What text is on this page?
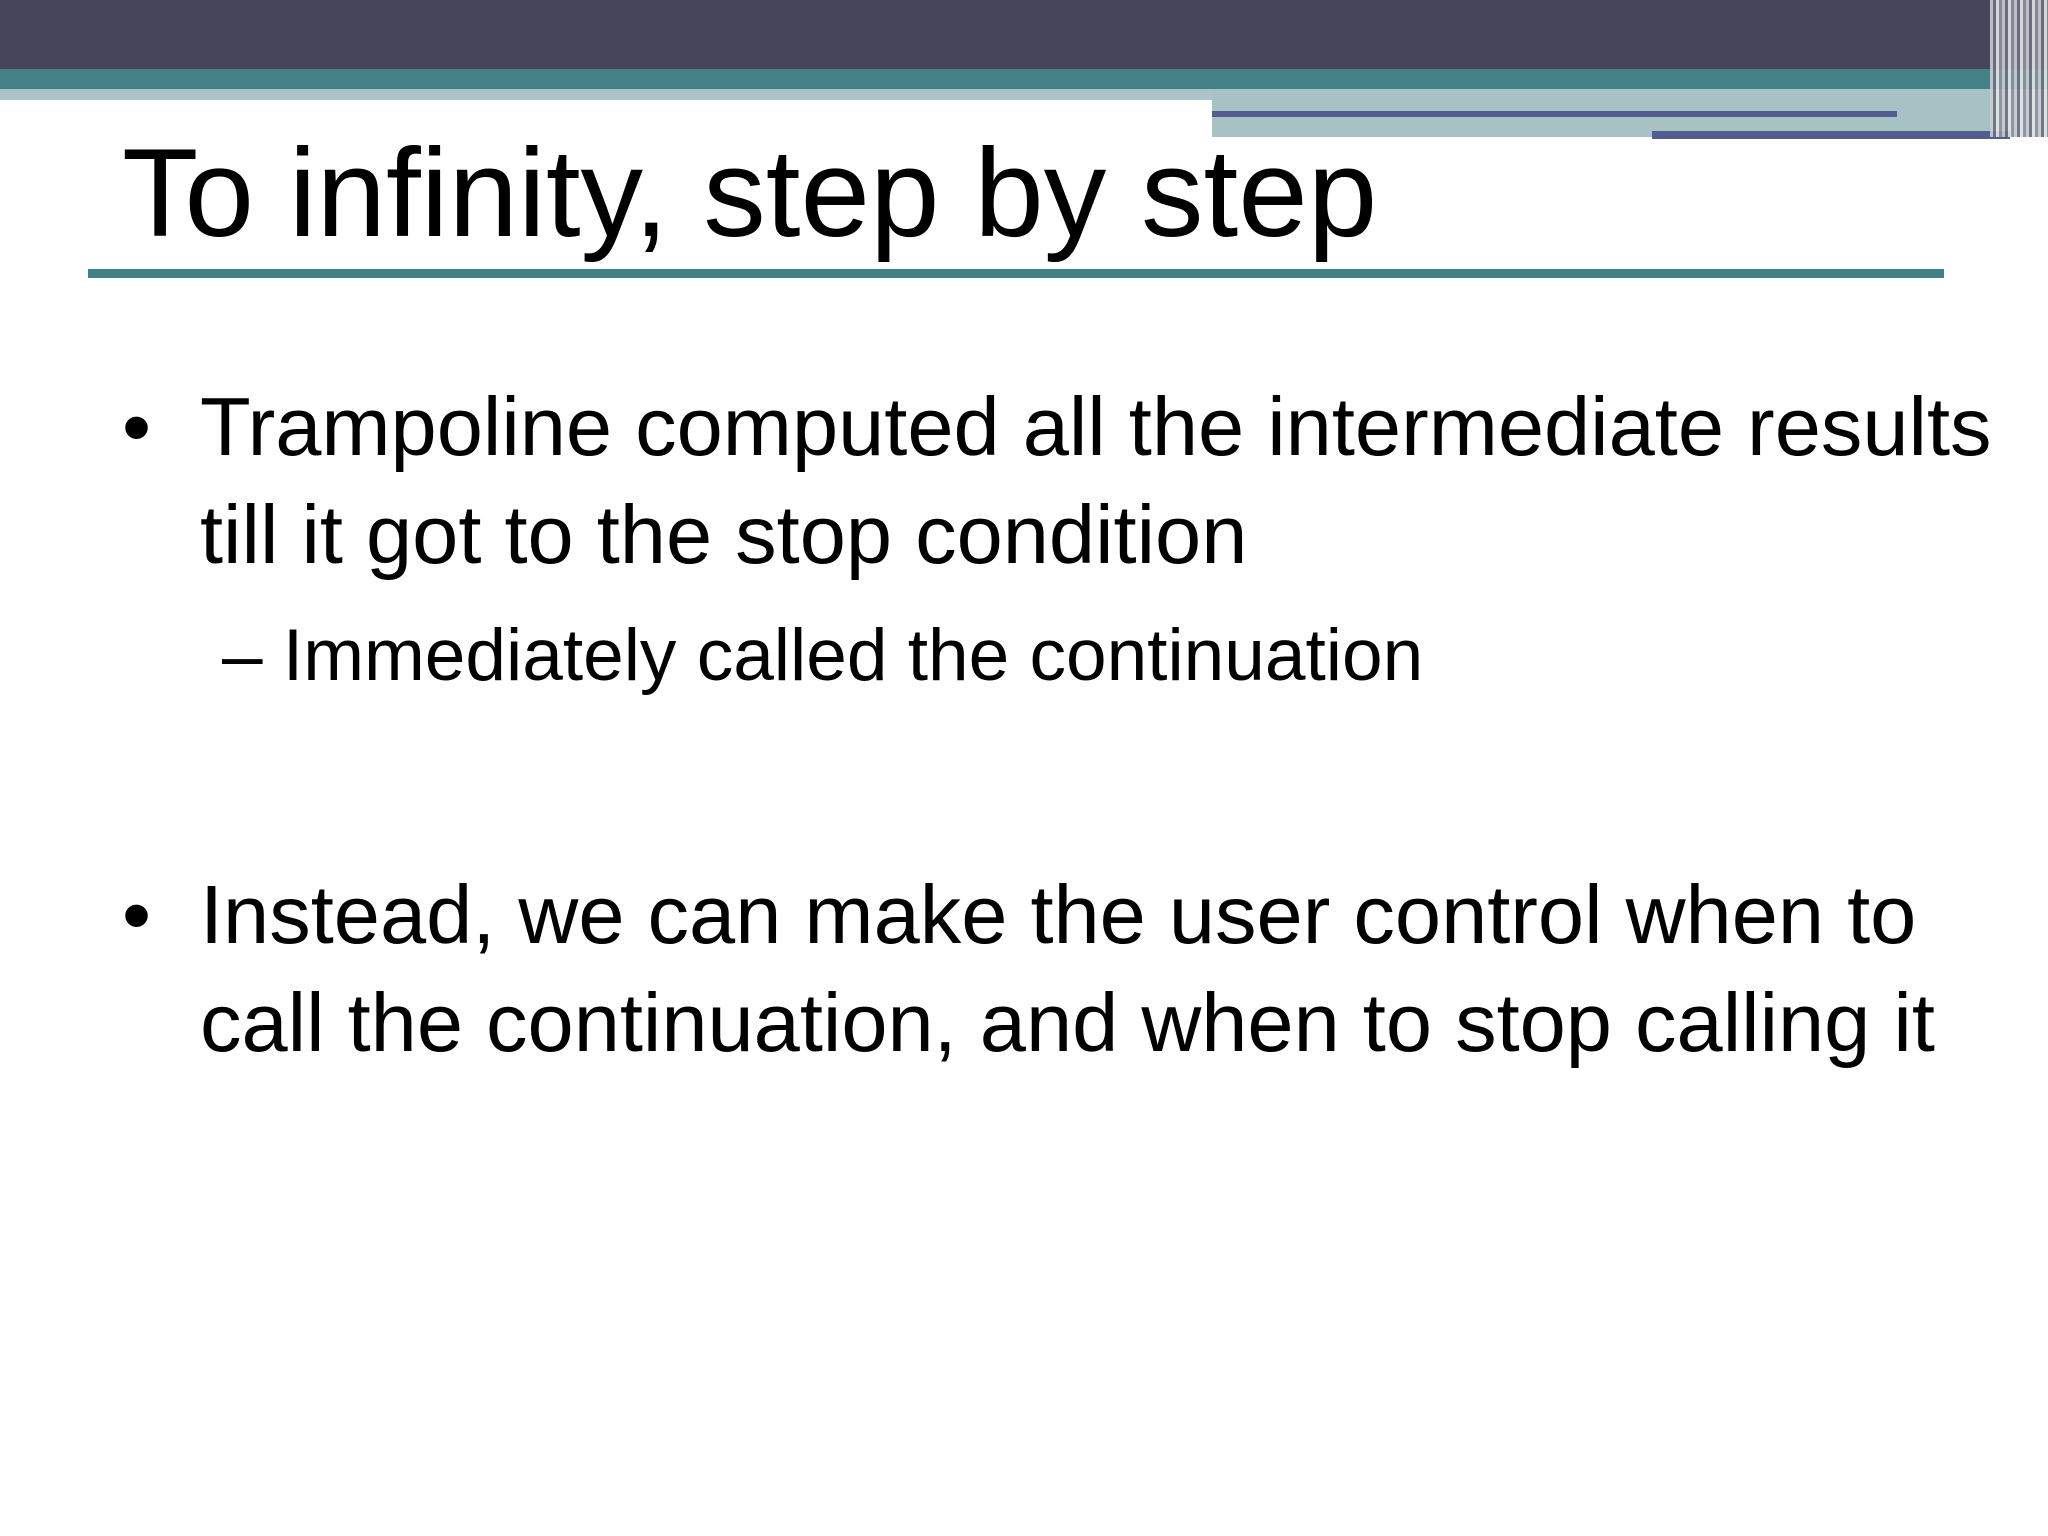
To infinity, step by step
• Trampoline computed all the intermediate results till it got to the stop condition
– Immediately called the continuation
• Instead, we can make the user control when to call the continuation, and when to stop calling it
